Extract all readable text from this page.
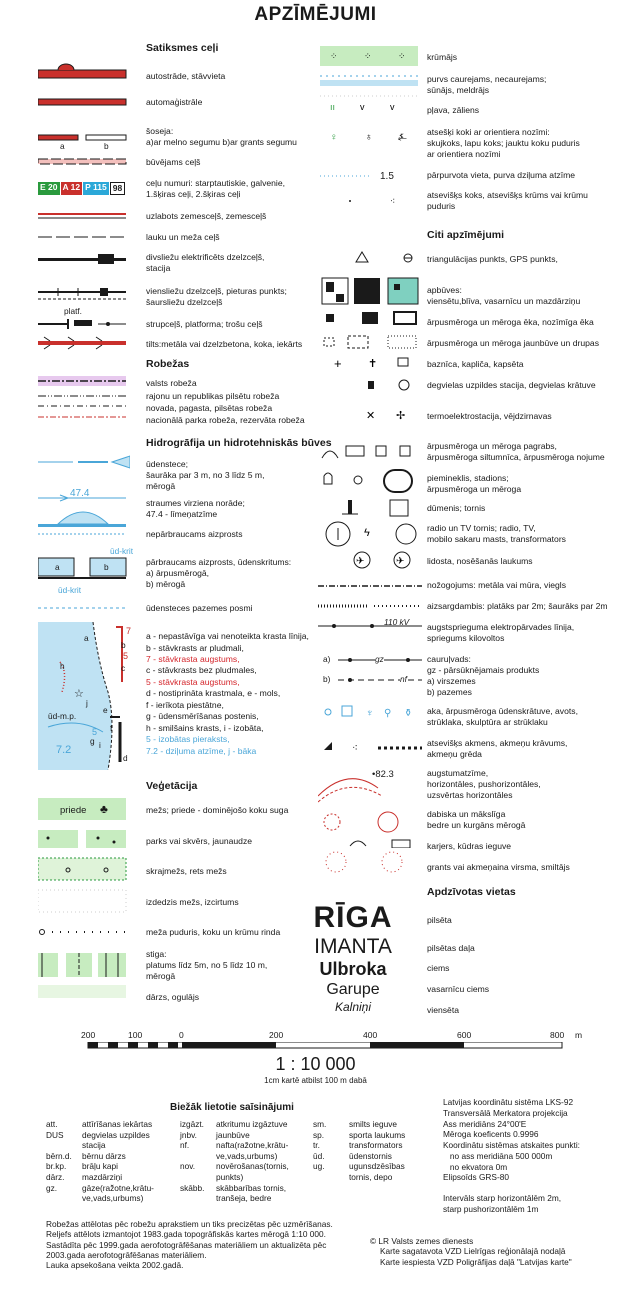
APZĪMĒJUMI
Satiksmes ceļi
a	b
platf.
E 20 A 12 P 115 98
autostrāde, stāvvieta
automaģistrāle
šoseja:
a)ar melno segumu b)ar grants segumu
būvējams ceļš
ceļu numuri: starptautiskie, galvenie,
1.šķiras ceļi, 2.šķiras ceļi
uzlabots zemesceļš, zemesceļš
lauku un meža ceļš
divsliežu elektrificēts dzelzceļš,
stacija
viensliežu dzelzceļš, pieturas punkts;
šaursliežu dzelzceļš
strupceļš, platforma; trošu ceļš
tilts:metāla vai dzelzbetona, koka, iekārts
Robežas
valsts robeža
rajonu un republikas pilsētu robeža
novada, pagasta, pilsētas robeža
nacionālā parka robeža, rezervāta robeža
Hidrogrāfija un hidrotehniskās būves
47.4
ūd-krit
ūd-krit
a	b
ūdenstece;
šaurāka par 3 m, no 3 līdz 5 m,
mērogā
straumes virziena norāde;
47.4 - līmeņatzīme
nepārbraucams aizprosts
pārbraucams aizprosts, ūdenskritums:
a) ārpusmērogā,
b) mērogā
ūdensteces pazemes posmi
a
b
c
d
e
f
g
h
i
j
7
5
5
7.2
ūd-m.p.
☆
a - nepastāvīga vai nenoteikta krasta līnija,
b - stāvkrasts ar pludmali,
7 - stāvkrasta augstums,
c - stāvkrasts bez pludmales,
5 - stāvkrasta augstums,
d - nostiprināta krastmala, e - mols,
f - ierīkota piestātne,
g - ūdensmērīšanas postenis,
h - smilšains krasts, i - izobāta,
5 - izobātas pieraksts,
7.2 - dziļuma atzīme, j - bāka
Veģetācija
priede ♣	mežs; priede - dominējošo koku suga
parks vai skvērs, jaunaudze
skrajmežs, rets mežs
izdedzis mežs, izcirtums
meža puduris, koku un krūmu rinda
stiga:
platums līdz 5m, no 5 līdz 10 m,
mērogā
dārzs, ogulājs
⁘	⁘	⁘
ıı	v	v
♀	♁	⍼
⁖
1.5
krūmājs
purvs caurejams, necaurejams;
sūnājs, meldrājs
pļava, zāliens
atsešķi koki ar orientiera nozīmi:
skujkoks, lapu koks; jauktu koku puduris
ar orientiera nozīmi
pārpurvota vieta, purva dziļuma atzīme
atsevišķs koks, atsevišķs krūms vai krūmu
puduris
Citi apzīmējumi
+ ✝
✕ ✢
ϟ
✈	✈
♆ ⚲ ⚱
⁖
110 kV
a)
b)
gz
nf
•82.3
triangulācijas punkts, GPS punkts,
apbūves:
viensētu,blīva, vasarnīcu un mazdārziņu
ārpusmēroga un mēroga ēka, nozīmīga ēka
ārpusmēroga un mēroga jaunbūve un drupas
baznīca, kapliča, kapsēta
degvielas uzpildes stacija, degvielas krātuve
termoelektrostacija, vējdzirnavas
ārpusmēroga un mēroga pagrabs,
ārpusmēroga siltumnīca, ārpusmēroga nojume
piemineklis, stadions;
ārpusmēroga un mēroga
dūmenis; tornis
radio un TV tornis; radio, TV,
mobilo sakaru masts, transformators
lidosta, nosēšanās laukums
nožogojums: metāla vai mūra, viegls
aizsargdambis: platāks par 2m; šaurāks par 2m
augstsprieguma elektropārvades līnija,
spriegums kilovoltos
cauruļvads:
gz - pārsūknējamais produkts
a) virszemes
b) pazemes
aka, ārpusmēroga ūdenskrātuve, avots,
strūklaka, skulptūra ar strūklaku
atsevišķs akmens, akmeņu krāvums,
akmeņu grēda
augstumatzīme,
horizontāles, pushorizontāles,
uzsvērtas horizontāles
dabiska un mākslīga
bedre un kurgāns mērogā
karjers, kūdras ieguve
grants vai akmeņaina virsma, smiltājs
Apdzīvotas vietas
RĪGA
IMANTA
Ulbroka
Garupe
Kalniņi
pilsēta
pilsētas daļa
ciems
vasarnīcu ciems
viensēta
200	100	0	200	400	600	800 m
1 : 10 000
1cm kartē atbilst 100 m dabā
Biežāk lietotie saīsinājumi
att.	attīrīšanas iekārtas
DUS degvielas uzpildes
stacija
bērn.d. bērnu dārzs
br.kp. brāļu kapi
dārz. mazdārziņi
gz.	gāze(raž̌otne,krātu-
ve,vads,urbums)
izgāzt. atkritumu izgāztuve
jnbv. jaunbūve
nf.	nafta(ražotne,krātu-
ve,vads,urbums)
nov.	novērošanas(tornis,
punkts)
skābb. skābbarības tornis,
tranšeja, bedre
sm.	smilts ieguve
sp.	sporta laukums
tr.	transformators
ūd.	ūdenstornis
ug.	ugunsdzēsības
tornis, depo
Latvijas koordinātu sistēma LKS-92
Transversālā Merkatora projekcija
Ass meridiāns 24°00'E
Mēroga koeficents 0.9996
Koordinātu sistēmas atskaites punkti:
no ass meridiāna 500 000m
no ekvatora 0m
Elipsoīds GRS-80
Intervāls starp horizontālēm 2m,
starp pushorizontālēm 1m
Robežas attēlotas pēc robežu aprakstiem un tiks precizētas pēc uzmērīšanas.
Reljefs attēlots izmantojot 1983.gada topogrāfiskās kartes mērogā 1:10 000.
Sastādīta pēc 1999.gada aerofotogrāfēšanas materiāliem un aktualizēta pēc
2003.gada aerofotogrāfēšanas materiāliem.
Lauka apsekošana veikta 2002.gadā.
© LR Valsts zemes dienests
Karte sagatavota VZD Lielrīgas reģionālajā nodaļā
Karte iespiesta VZD Poligrāfijas daļā "Latvijas karte"
